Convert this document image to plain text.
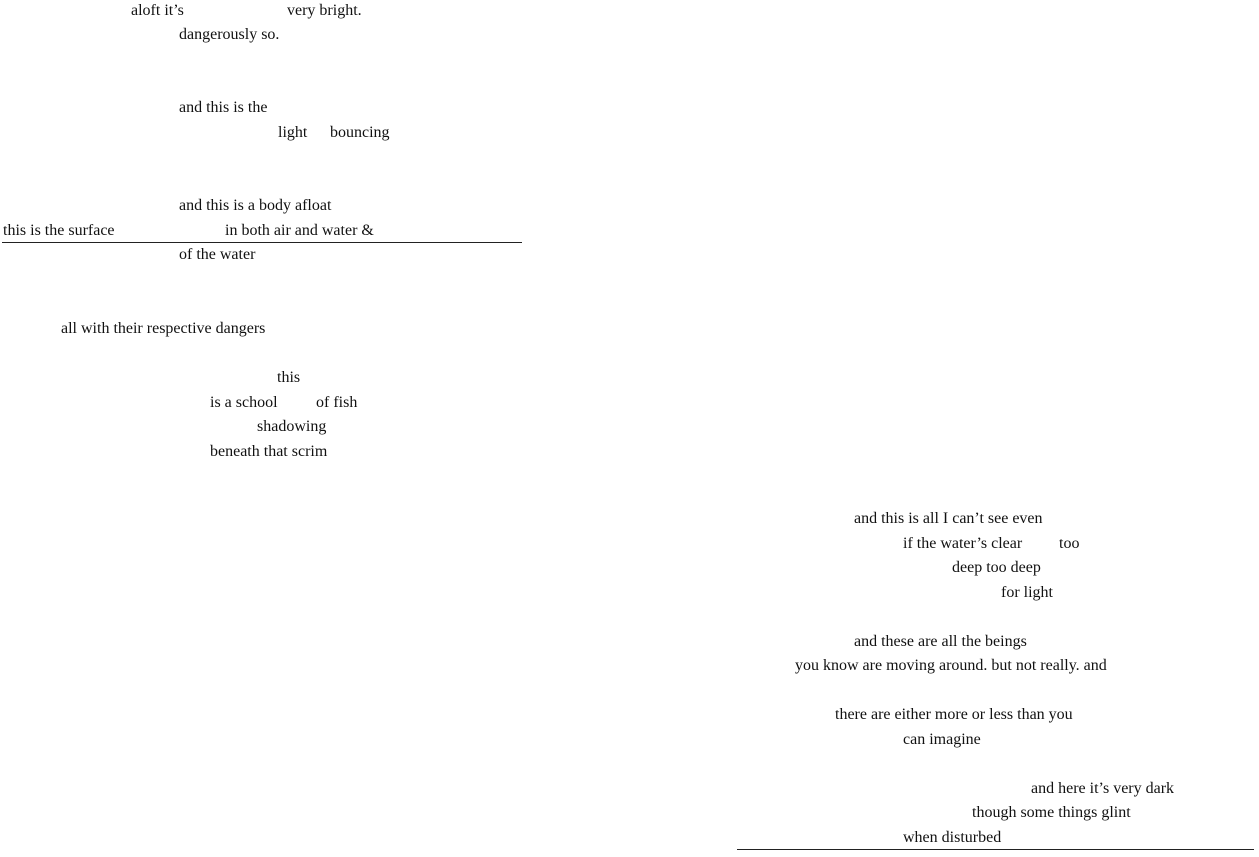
aloft it’s	very bright.
dangerously so.
and this is the
light bouncing
and this is a body afloat
this is the surface	in both air and water &
of the water
all with their respective dangers
this
is a school of fish
shadowing
beneath that scrim
and this is all I can’t see even
if the water’s clear too
deep too deep
for light
and these are all the beings
you know are moving around. but not really. and
there are either more or less than you
can imagine
and here it’s very dark
though some things glint
when disturbed
